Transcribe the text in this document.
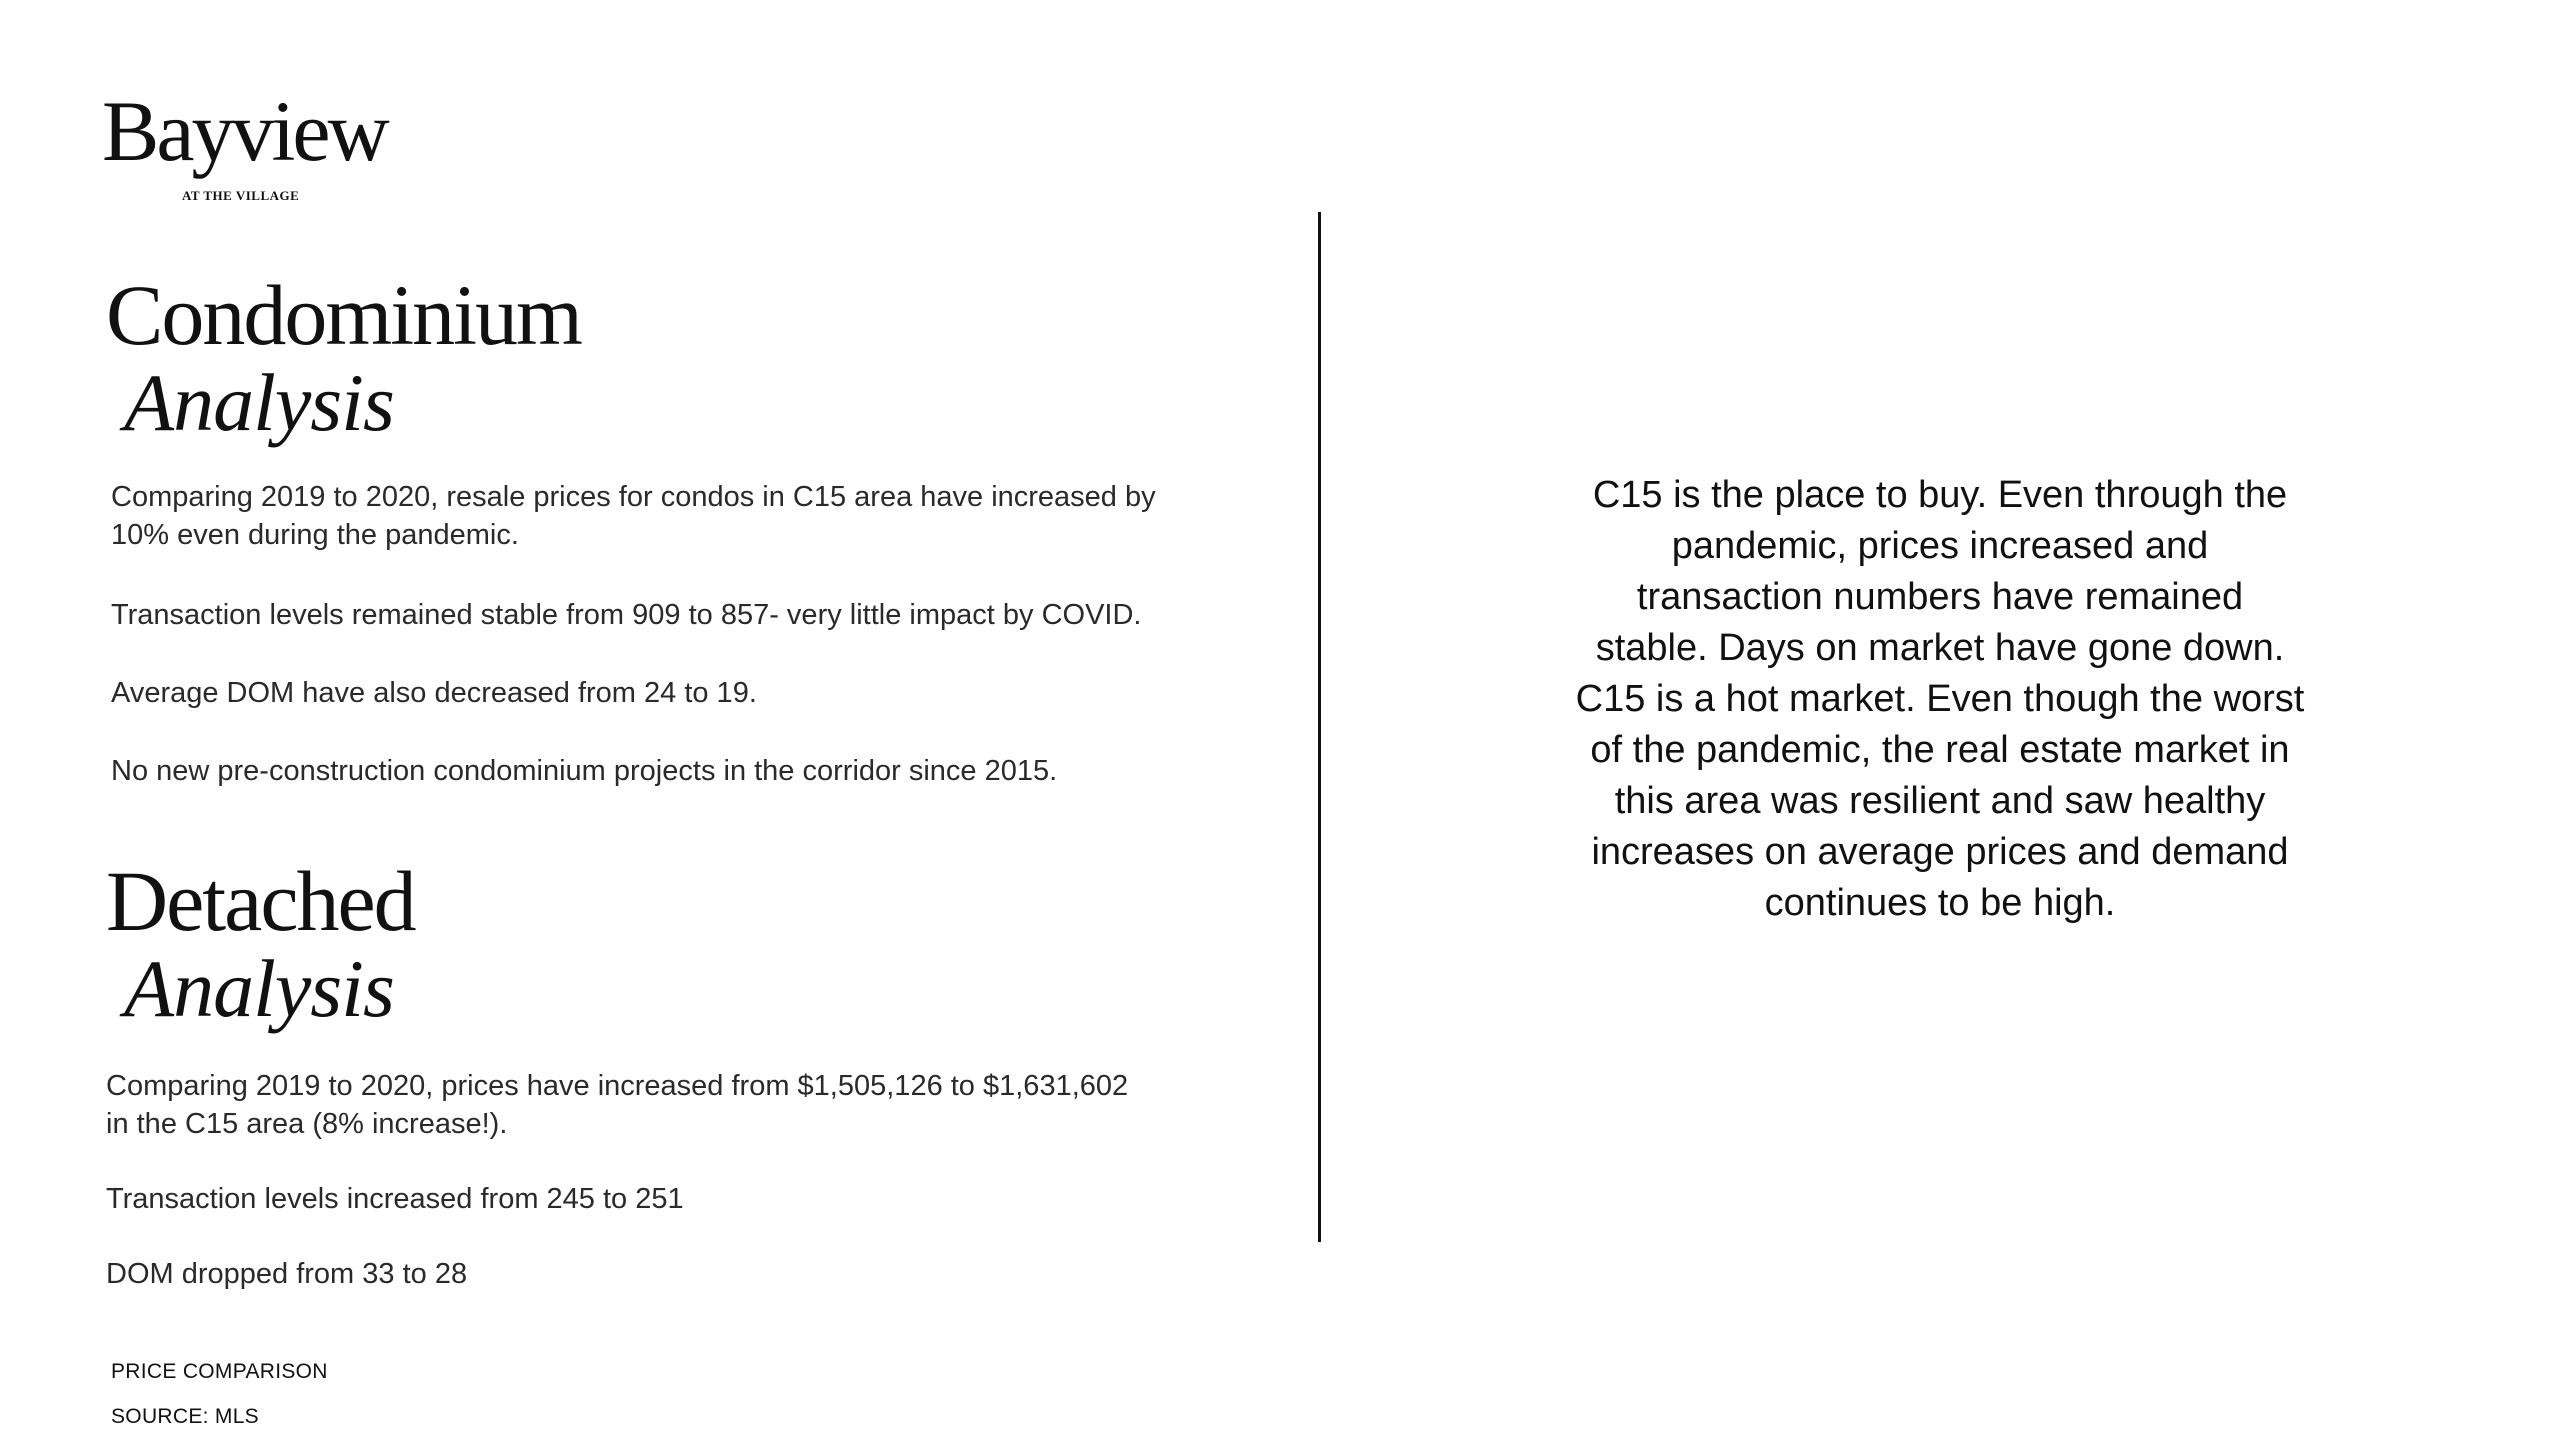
Bayview
AT THE VILLAGE
Condominium
Analysis

Comparing 2019 to 2020, resale prices for condos in C15 area have increased by

10% even during the pandemic.

Transaction levels remained stable from 909 to 857- very little impact by COVID.

Average DOM have also decreased from 24 to 19.

No new pre-construction condominium projects in the corridor since 2015.

Detached
Analysis

Comparing 2019 to 2020, prices have increased from $1,505,126 to $1,631,602

in the C15 area (8% increase!).

Transaction levels increased from 245 to 251

DOM dropped from 33 to 28

C15 is the place to buy. Even through the
pandemic, prices increased and
transaction numbers have remained
stable. Days on market have gone down.
C15 is a hot market. Even though the worst
of the pandemic, the real estate market in
this area was resilient and saw healthy
increases on average prices and demand
continues to be high.
PRICE COMPARISON
SOURCE: MLS
